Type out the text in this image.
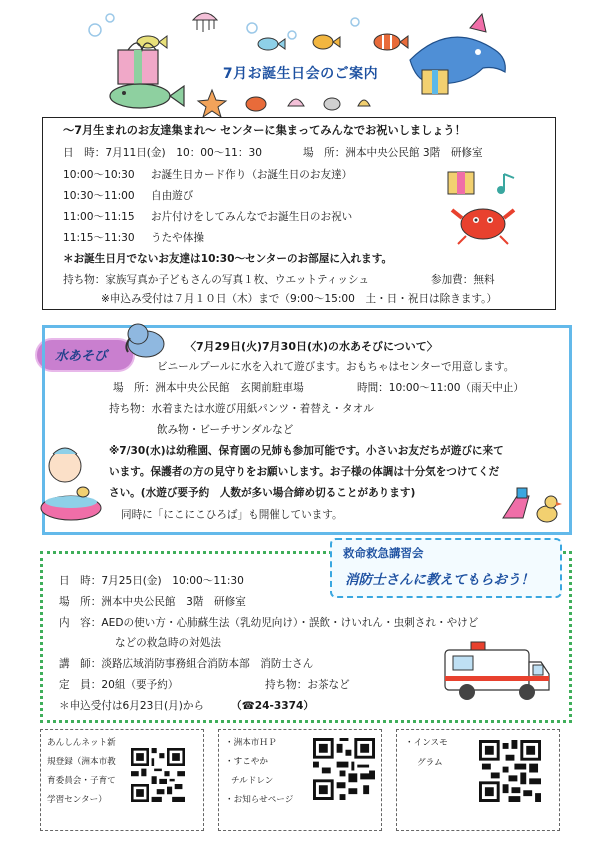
7月お誕生日会のご案内
～7月生まれのお友達集まれ～ センターに集まってみんなでお祝いしましょう！
日　時：7月11日(金)　10：00～11：30	場　所：洲本中央公民館 3階　研修室
10:00～10:30 お誕生日カード作り（お誕生日のお友達）
10:30～11:00 自由遊び
11:00～11:15 お片付けをしてみんなでお誕生日のお祝い
11:15～11:30 うたや体操
＊お誕生日月でないお友達は10:30～センターのお部屋に入れます。
持ち物：家族写真か子どもさんの写真１枚、ウエットティッシュ	参加費：無料
※申込み受付は７月１０日（木）まで（9:00～15:00　土・日・祝日は除きます。）
水あそび
〈7月29日(火)7月30日(水)の水あそびについて〉
ビニールプールに水を入れて遊びます。おもちゃはセンターで用意します。
場　所：洲本中央公民館　玄関前駐車場	時間：10:00～11:00（雨天中止）
持ち物：水着または水遊び用紙パンツ・着替え・タオル
飲み物・ビーチサンダルなど
※7/30(水)は幼稚園、保育園の兄姉も参加可能です。小さいお友だちが遊びに来て
います。保護者の方の見守りをお願いします。お子様の体調は十分気をつけてくだ
さい。(水遊び要予約　人数が多い場合締め切ることがあります)
同時に「にこにこひろば」も開催しています。
日　時：7月25日(金)　10:00～11:30
場　所：洲本中央公民館　3階　研修室
内　容：AEDの使い方・心肺蘇生法（乳幼児向け）・誤飲・けいれん・虫刺され・やけど
などの救急時の対処法
講　師：淡路広域消防事務組合消防本部　消防士さん
定　員：20組（要予約）	持ち物：お茶など
＊申込受付は6月23日(月)から	（☎24-3374）
救命救急講習会
消防士さんに教えてもらおう！
あんしんネット新
規登録（洲本市教
育委員会・子育て
学習センター）
・洲本市ＨＰ
・すこやか
チルドレン
・お知らせページ
・インスモ
グラム
